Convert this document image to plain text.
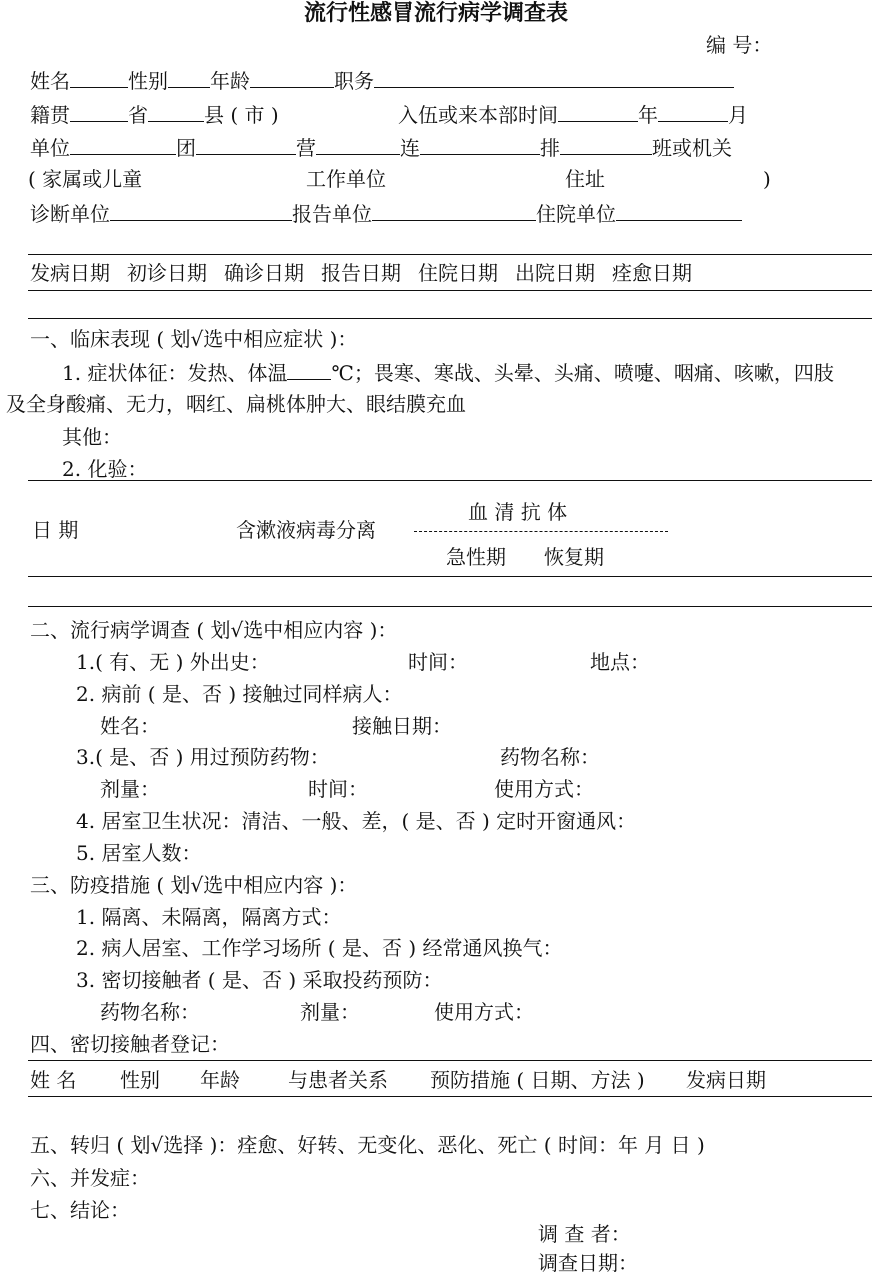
流行性感冒流行病学调查表
编 号：
姓名	性别 年龄	职务
籍贯	省	县 ( 市 )	入伍或来本部时间	年	月
单位	团	营	连	排	班或机关
( 家属或儿童	工作单位	住址	)
诊断单位	报告单位	住院单位
发病日期 初诊日期 确诊日期 报告日期 住院日期 出院日期 痊愈日期
一、临床表现 ( 划√选中相应症状 )：
1. 症状体征：发热、体温 ℃；畏寒、寒战、头晕、头痛、喷嚏、咽痛、咳嗽，四肢
及全身酸痛、无力，咽红、扁桃体肿大、眼结膜充血
其他：
2. 化验：
日 期	含漱液病毒分离
血 清 抗 体
急性期 恢复期
二、流行病学调查 ( 划√选中相应内容 )：
1.( 有、无 ) 外出史：	时间：	地点：
2. 病前 ( 是、否 ) 接触过同样病人：
姓名：	接触日期：
3.( 是、否 ) 用过预防药物：	药物名称：
剂量：	时间：	使用方式：
4. 居室卫生状况：清洁、一般、差，( 是、否 ) 定时开窗通风：
5. 居室人数：
三、防疫措施 ( 划√选中相应内容 )：
1. 隔离、未隔离，隔离方式：
2. 病人居室、工作学习场所 ( 是、否 ) 经常通风换气：
3. 密切接触者 ( 是、否 ) 采取投药预防：
药物名称：	剂量：	使用方式：
四、密切接触者登记：
姓 名 性别 年龄 与患者关系 预防措施 ( 日期、方法 ) 发病日期
五、转归 ( 划√选择 )：痊愈、好转、无变化、恶化、死亡 ( 时间：年 月 日 )
六、并发症：
七、结论：
调 查 者：
调查日期：
